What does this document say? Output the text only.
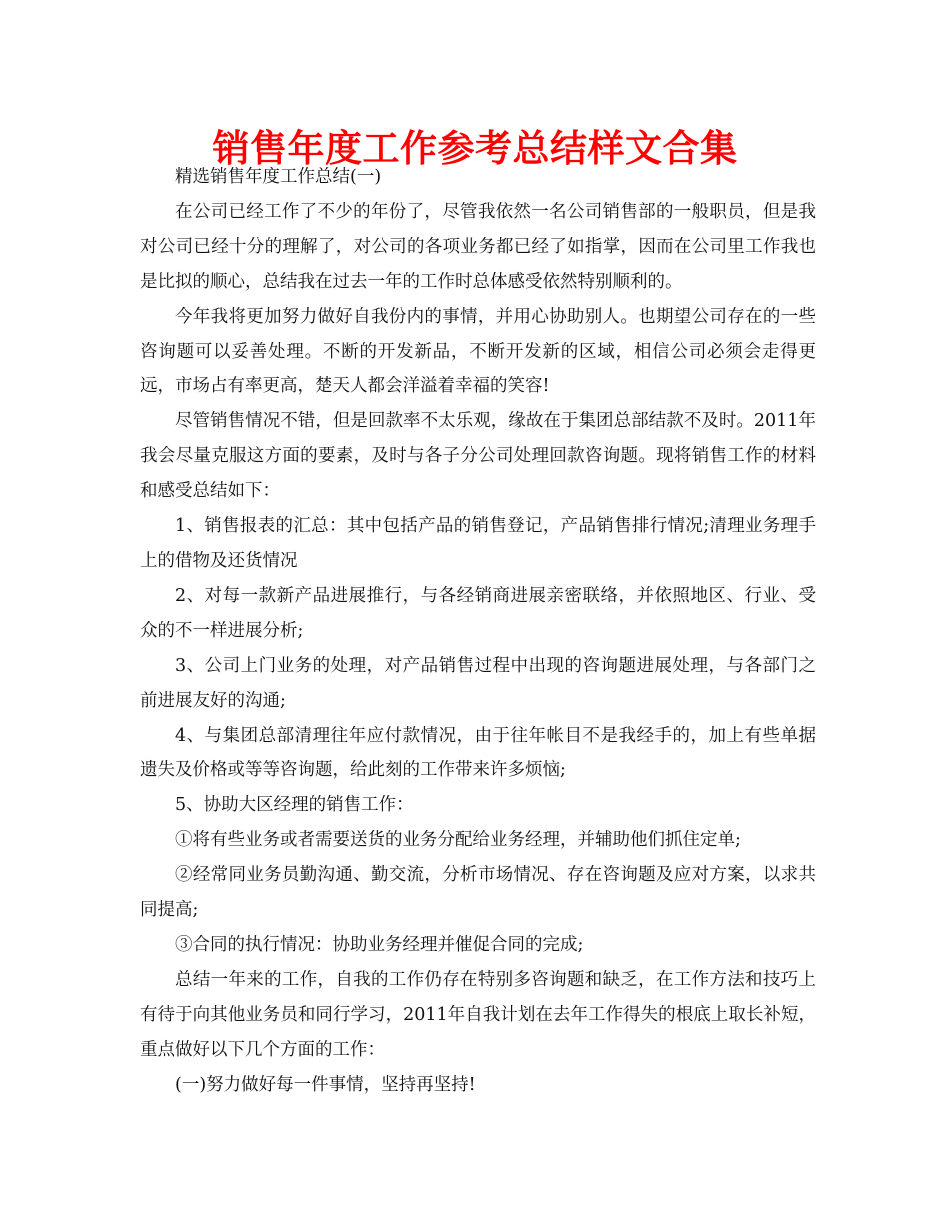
销售年度工作参考总结样文合集

精选销售年度工作总结(一)

在公司已经工作了不少的年份了，尽管我依然一名公司销售部的一般职员，但是我对公司已经十分的理解了，对公司的各项业务都已经了如指掌，因而在公司里工作我也是比拟的顺心，总结我在过去一年的工作时总体感受依然特别顺利的。

今年我将更加努力做好自我份内的事情，并用心协助别人。也期望公司存在的一些咨询题可以妥善处理。不断的开发新品，不断开发新的区域，相信公司必须会走得更远，市场占有率更高，楚天人都会洋溢着幸福的笑容!

尽管销售情况不错，但是回款率不太乐观，缘故在于集团总部结款不及时。2011年我会尽量克服这方面的要素，及时与各子分公司处理回款咨询题。现将销售工作的材料和感受总结如下：

1、销售报表的汇总：其中包括产品的销售登记，产品销售排行情况;清理业务理手上的借物及还货情况

2、对每一款新产品进展推行，与各经销商进展亲密联络，并依照地区、行业、受众的不一样进展分析;

3、公司上门业务的处理，对产品销售过程中出现的咨询题进展处理，与各部门之前进展友好的沟通;

4、与集团总部清理往年应付款情况，由于往年帐目不是我经手的，加上有些单据遗失及价格或等等咨询题，给此刻的工作带来许多烦恼;

5、协助大区经理的销售工作：

①将有些业务或者需要送货的业务分配给业务经理，并辅助他们抓住定单;

②经常同业务员勤沟通、勤交流，分析市场情况、存在咨询题及应对方案，以求共同提高;

③合同的执行情况：协助业务经理并催促合同的完成;

总结一年来的工作，自我的工作仍存在特别多咨询题和缺乏，在工作方法和技巧上有待于向其他业务员和同行学习，2011年自我计划在去年工作得失的根底上取长补短，重点做好以下几个方面的工作：

(一)努力做好每一件事情，坚持再坚持!
